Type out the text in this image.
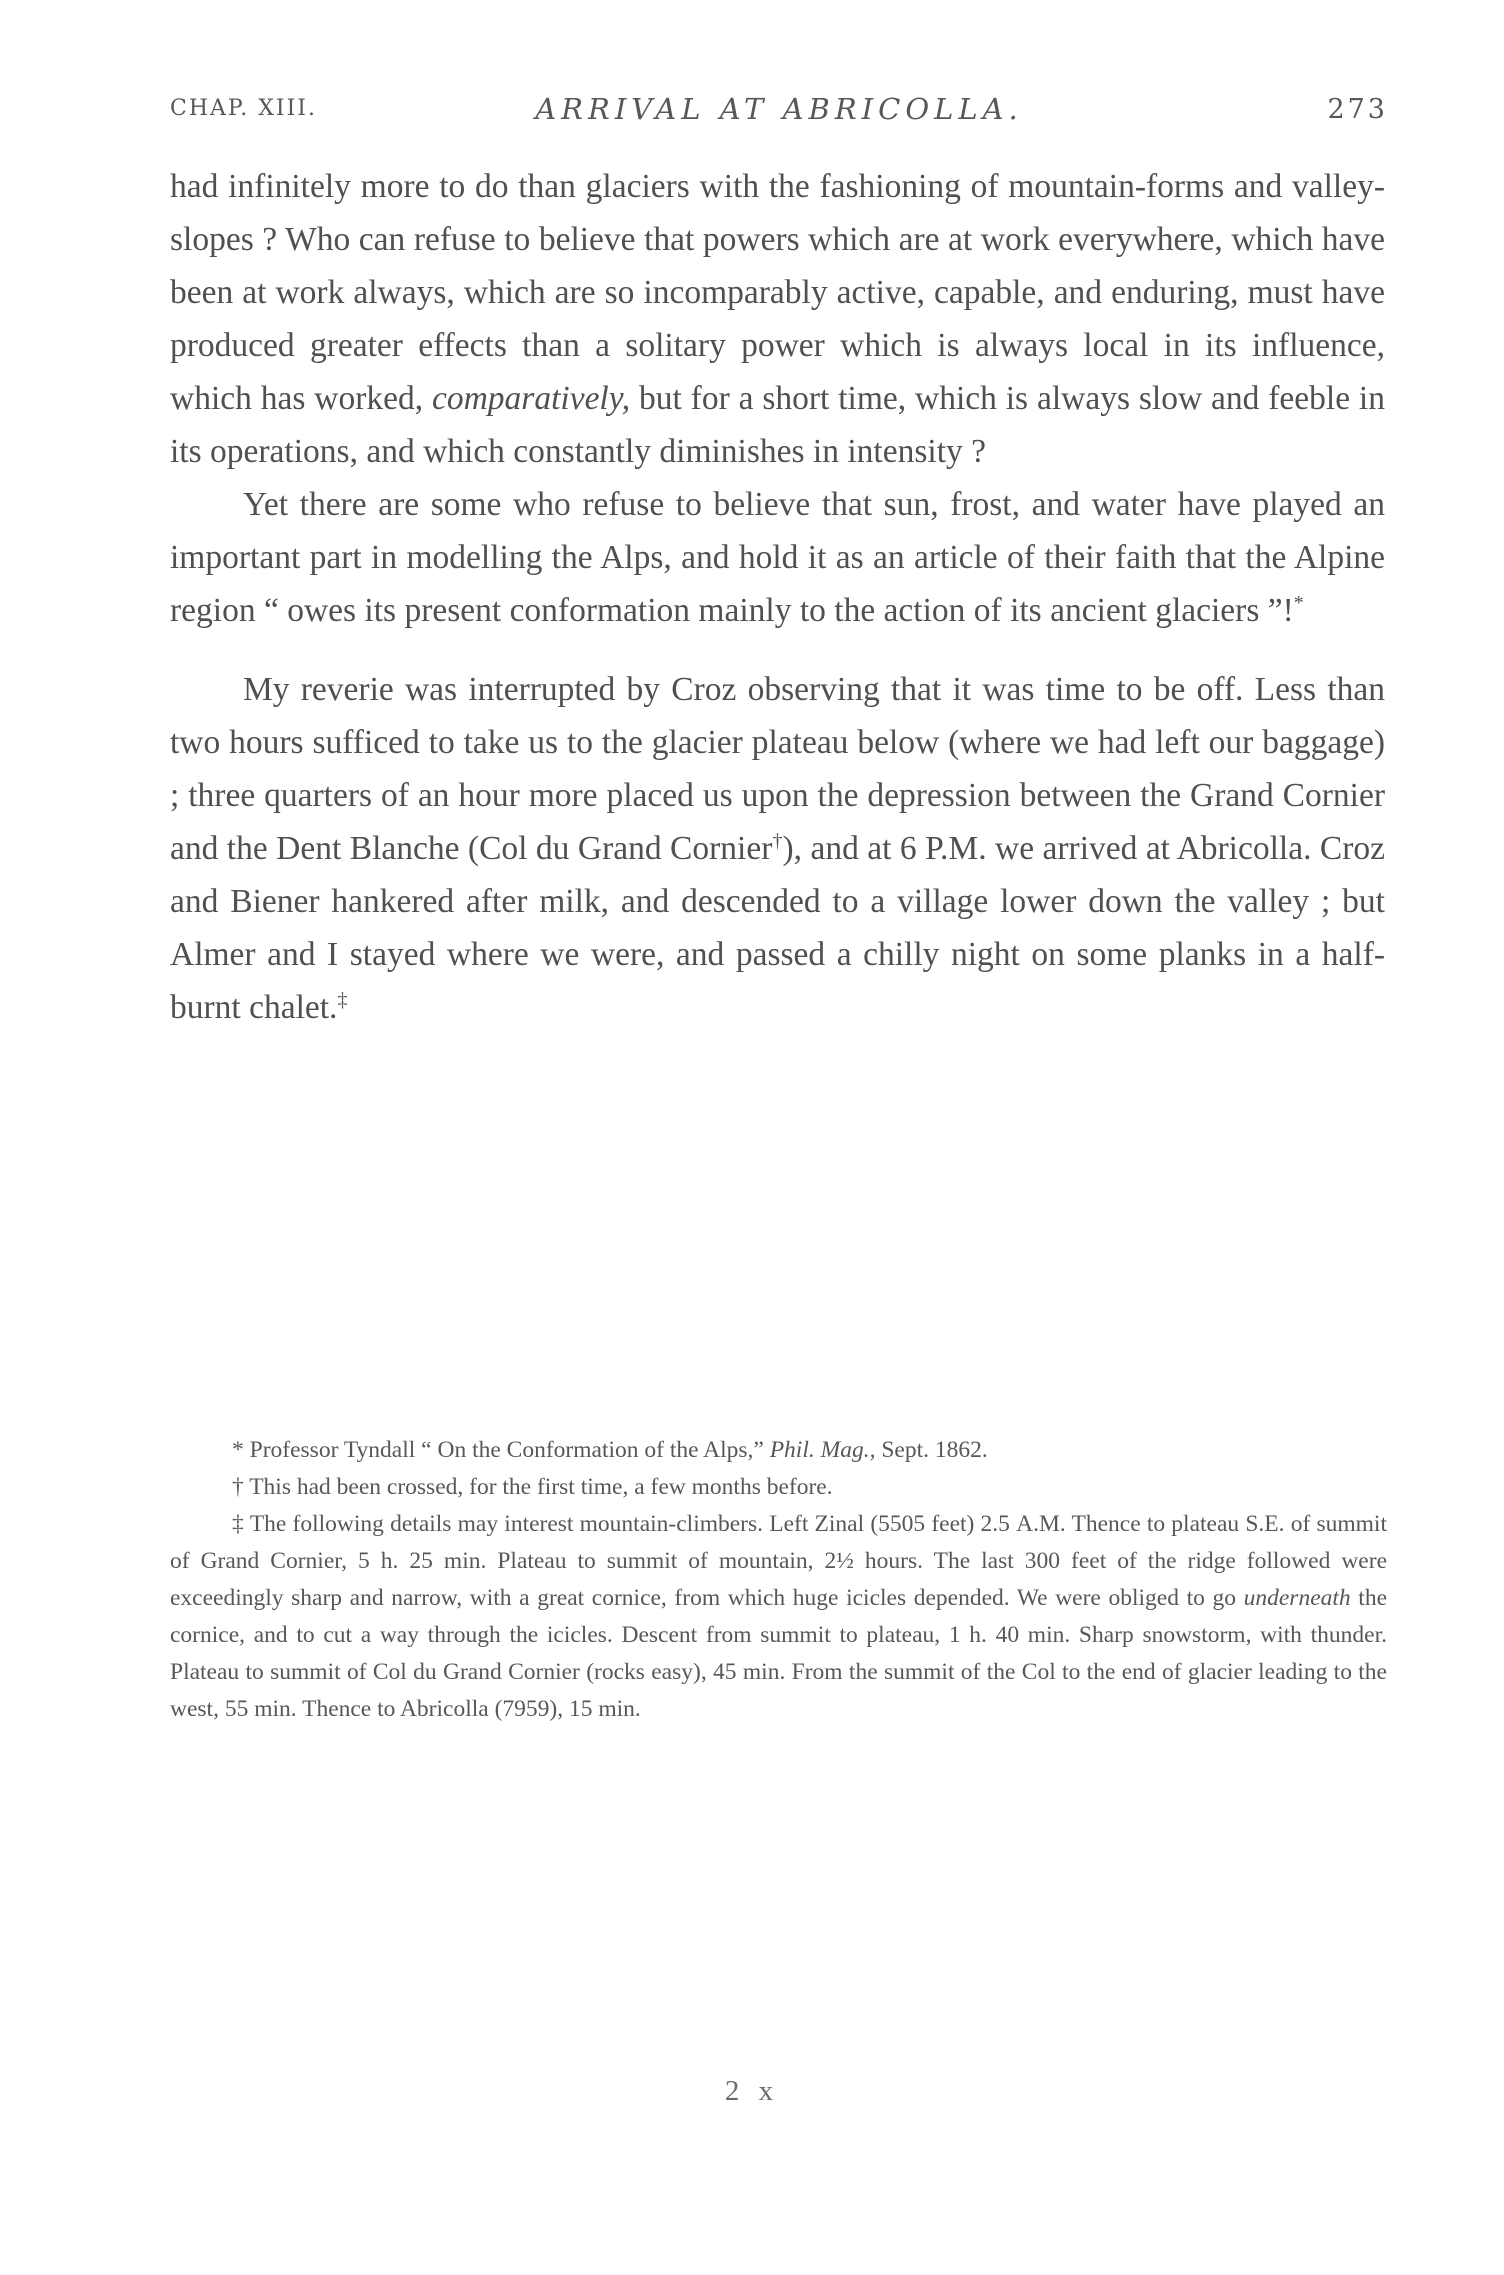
CHAP. XIII.	ARRIVAL AT ABRICOLLA.	273

had infinitely more to do than glaciers with the fashioning of mountain-forms and valley-slopes ? Who can refuse to believe that powers which are at work everywhere, which have been at work always, which are so incomparably active, capable, and enduring, must have produced greater effects than a solitary power which is always local in its influence, which has worked, comparatively, but for a short time, which is always slow and feeble in its operations, and which constantly diminishes in intensity ?

Yet there are some who refuse to believe that sun, frost, and water have played an important part in modelling the Alps, and hold it as an article of their faith that the Alpine region “ owes its present conformation mainly to the action of its ancient glaciers ”!*

My reverie was interrupted by Croz observing that it was time to be off. Less than two hours sufficed to take us to the glacier plateau below (where we had left our baggage) ; three quarters of an hour more placed us upon the depression between the Grand Cornier and the Dent Blanche (Col du Grand Cornier†), and at 6 P.M. we arrived at Abricolla. Croz and Biener hankered after milk, and descended to a village lower down the valley ; but Almer and I stayed where we were, and passed a chilly night on some planks in a half-burnt chalet.‡

* Professor Tyndall “ On the Conformation of the Alps,” Phil. Mag., Sept. 1862.

† This had been crossed, for the first time, a few months before.

‡ The following details may interest mountain-climbers. Left Zinal (5505 feet) 2.5 A.M. Thence to plateau S.E. of summit of Grand Cornier, 5 h. 25 min. Plateau to summit of mountain, 2½ hours. The last 300 feet of the ridge followed were exceedingly sharp and narrow, with a great cornice, from which huge icicles depended. We were obliged to go underneath the cornice, and to cut a way through the icicles. Descent from summit to plateau, 1 h. 40 min. Sharp snowstorm, with thunder. Plateau to summit of Col du Grand Cornier (rocks easy), 45 min. From the summit of the Col to the end of glacier leading to the west, 55 min. Thence to Abricolla (7959), 15 min.

2 x
